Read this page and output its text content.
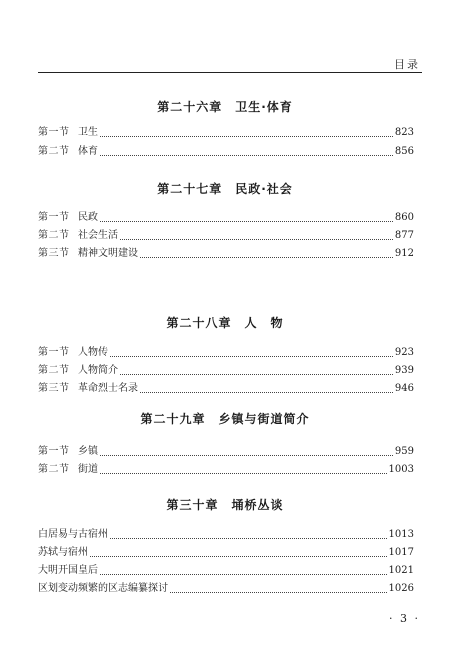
目录
第二十六章　卫生·体育
第一节 卫生	823
第二节 体育	856
第二十七章　民政·社会
第一节 民政	860
第二节 社会生活	877
第三节 精神文明建设	912
第二十八章　人　物
第一节 人物传	923
第二节 人物简介	939
第三节 革命烈士名录	946
第二十九章　乡镇与街道简介
第一节 乡镇	959
第二节 街道	1003
第三十章　埇桥丛谈
白居易与古宿州	1013
苏轼与宿州	1017
大明开国皇后	1021
区划变动频繁的区志编纂探讨	1026
· 3 ·
